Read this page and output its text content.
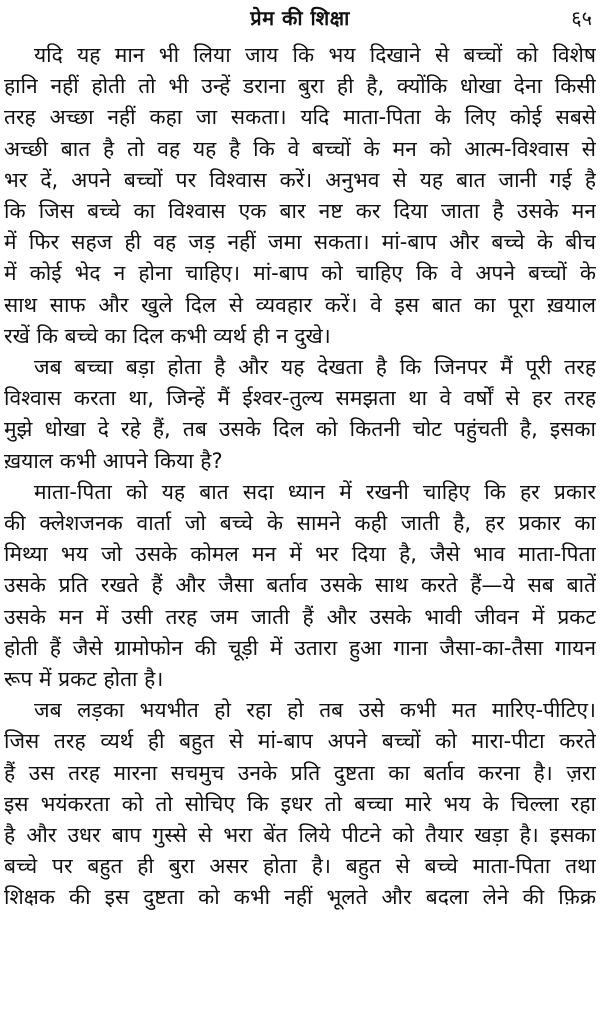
प्रेम की शिक्षा	६५
यदि यह मान भी लिया जाय कि भय दिखाने से बच्चों को विशेष
हानि नहीं होती तो भी उन्हें डराना बुरा ही है, क्योंकि धोखा देना किसी
तरह अच्छा नहीं कहा जा सकता। यदि माता-पिता के लिए कोई सबसे
अच्छी बात है तो वह यह है कि वे बच्चों के मन को आत्म-विश्वास से
भर दें, अपने बच्चों पर विश्वास करें। अनुभव से यह बात जानी गई है
कि जिस बच्चे का विश्वास एक बार नष्ट कर दिया जाता है उसके मन
में फिर सहज ही वह जड़ नहीं जमा सकता। मां-बाप और बच्चे के बीच
में कोई भेद न होना चाहिए। मां-बाप को चाहिए कि वे अपने बच्चों के
साथ साफ और खुले दिल से व्यवहार करें। वे इस बात का पूरा ख़याल
रखें कि बच्चे का दिल कभी व्यर्थ ही न दुखे।
जब बच्चा बड़ा होता है और यह देखता है कि जिनपर मैं पूरी तरह
विश्वास करता था, जिन्हें मैं ईश्वर-तुल्य समझता था वे वर्षों से हर तरह
मुझे धोखा दे रहे हैं, तब उसके दिल को कितनी चोट पहुंचती है, इसका
ख़याल कभी आपने किया है?
माता-पिता को यह बात सदा ध्यान में रखनी चाहिए कि हर प्रकार
की क्लेशजनक वार्ता जो बच्चे के सामने कही जाती है, हर प्रकार का
मिथ्या भय जो उसके कोमल मन में भर दिया है, जैसे भाव माता-पिता
उसके प्रति रखते हैं और जैसा बर्ताव उसके साथ करते हैं—ये सब बातें
उसके मन में उसी तरह जम जाती हैं और उसके भावी जीवन में प्रकट
होती हैं जैसे ग्रामोफोन की चूड़ी में उतारा हुआ गाना जैसा-का-तैसा गायन
रूप में प्रकट होता है।
जब लड़का भयभीत हो रहा हो तब उसे कभी मत मारिए-पीटिए।
जिस तरह व्यर्थ ही बहुत से मां-बाप अपने बच्चों को मारा-पीटा करते
हैं उस तरह मारना सचमुच उनके प्रति दुष्टता का बर्ताव करना है। ज़रा
इस भयंकरता को तो सोचिए कि इधर तो बच्चा मारे भय के चिल्ला रहा
है और उधर बाप गुस्से से भरा बेंत लिये पीटने को तैयार खड़ा है। इसका
बच्चे पर बहुत ही बुरा असर होता है। बहुत से बच्चे माता-पिता तथा
शिक्षक की इस दुष्टता को कभी नहीं भूलते और बदला लेने की फ़िक्र
